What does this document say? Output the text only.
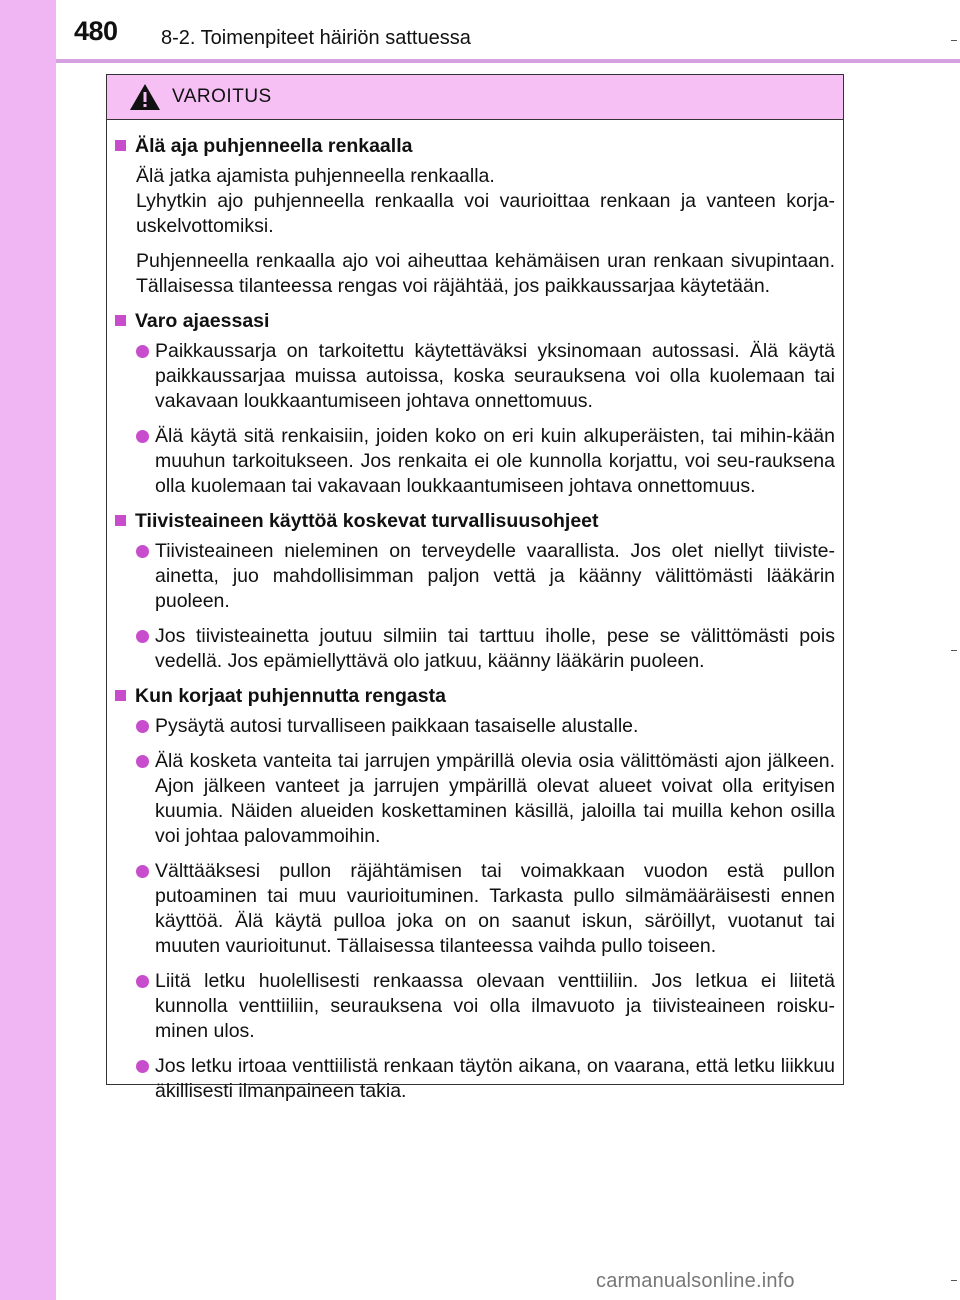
480 8-2. Toimenpiteet häiriön sattuessa
VAROITUS
Älä aja puhjenneella renkaalla
Älä jatka ajamista puhjenneella renkaalla.
Lyhytkin ajo puhjenneella renkaalla voi vaurioittaa renkaan ja vanteen korja-uskelvottomiksi.
Puhjenneella renkaalla ajo voi aiheuttaa kehämäisen uran renkaan sivupintaan. Tällaisessa tilanteessa rengas voi räjähtää, jos paikkaussarjaa käytetään.
Varo ajaessasi
Paikkaussarja on tarkoitettu käytettäväksi yksinomaan autossasi. Älä käytä paikkaussarjaa muissa autoissa, koska seurauksena voi olla kuolemaan tai vakavaan loukkaantumiseen johtava onnettomuus.
Älä käytä sitä renkaisiin, joiden koko on eri kuin alkuperäisten, tai mihin-kään muuhun tarkoitukseen. Jos renkaita ei ole kunnolla korjattu, voi seu-rauksena olla kuolemaan tai vakavaan loukkaantumiseen johtava onnettomuus.
Tiivisteaineen käyttöä koskevat turvallisuusohjeet
Tiivisteaineen nieleminen on terveydelle vaarallista. Jos olet niellyt tiiviste-ainetta, juo mahdollisimman paljon vettä ja käänny välittömästi lääkärin puoleen.
Jos tiivisteainetta joutuu silmiin tai tarttuu iholle, pese se välittömästi pois vedellä. Jos epämiellyttävä olo jatkuu, käänny lääkärin puoleen.
Kun korjaat puhjennutta rengasta
Pysäytä autosi turvalliseen paikkaan tasaiselle alustalle.
Älä kosketa vanteita tai jarrujen ympärillä olevia osia välittömästi ajon jälkeen. Ajon jälkeen vanteet ja jarrujen ympärillä olevat alueet voivat olla erityisen kuumia. Näiden alueiden koskettaminen käsillä, jaloilla tai muilla kehon osilla voi johtaa palovammoihin.
Välttääksesi pullon räjähtämisen tai voimakkaan vuodon estä pullon putoaminen tai muu vaurioituminen. Tarkasta pullo silmämääräisesti ennen käyttöä. Älä käytä pulloa joka on on saanut iskun, säröillyt, vuotanut tai muuten vaurioitunut. Tällaisessa tilanteessa vaihda pullo toiseen.
Liitä letku huolellisesti renkaassa olevaan venttiiliin. Jos letkua ei liitetä kunnolla venttiiliin, seurauksena voi olla ilmavuoto ja tiivisteaineen roisku-minen ulos.
Jos letku irtoaa venttiilistä renkaan täytön aikana, on vaarana, että letku liikkuu äkillisesti ilmanpaineen takia.
carmanualsonline.info
